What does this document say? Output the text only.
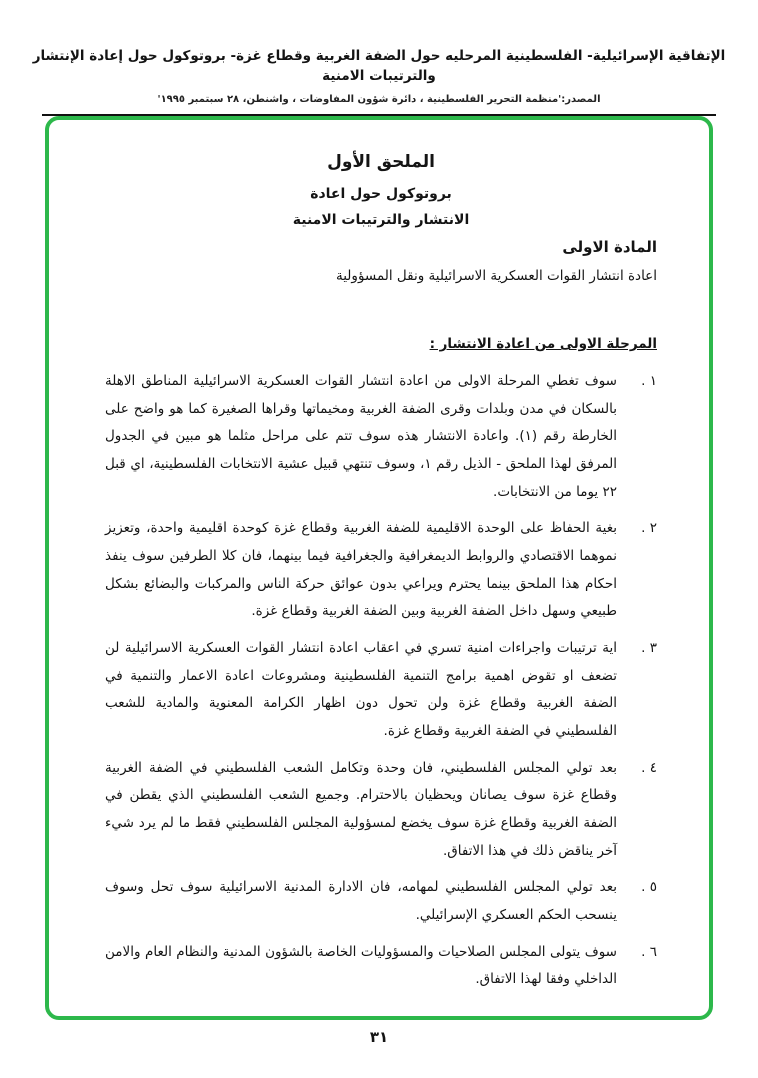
الإتفاقية الإسرائيلية- الفلسطينية المرحليه حول الضفة الغربية وقطاع غزة- بروتوكول حول إعادة الإنتشار والترتيبات الامنية
المصدر:'منظمة التحرير الفلسطينية ، دائرة شؤون المفاوضات ، واشنطن، ٢٨ سبتمبر ١٩٩٥'
الملحق الأول
بروتوكول حول اعادة
الانتشار والترتيبات الامنية
المادة الاولى
اعادة انتشار القوات العسكرية الاسرائيلية ونقل المسؤولية
المرحلة الاولى من اعادة الانتشار :
١ .
سوف تغطي المرحلة الاولى من اعادة انتشار القوات العسكرية الاسرائيلية المناطق الاهلة بالسكان في مدن وبلدات وقرى الضفة الغربية ومخيماتها وقراها الصغيرة كما هو واضح على الخارطة رقم (١). واعادة الانتشار هذه سوف تتم على مراحل مثلما هو مبين في الجدول المرفق لهذا الملحق - الذيل رقم ١، وسوف تنتهي قبيل عشية الانتخابات الفلسطينية، اي قبل ٢٢ يوما من الانتخابات.
٢ .
بغية الحفاظ على الوحدة الاقليمية للضفة الغربية وقطاع غزة كوحدة اقليمية واحدة، وتعزيز نموهما الاقتصادي والروابط الديمغرافية والجغرافية فيما بينهما، فان كلا الطرفين سوف ينفذ احكام هذا الملحق بينما يحترم ويراعي بدون عوائق حركة الناس والمركبات والبضائع بشكل طبيعي وسهل داخل الضفة الغربية وبين الضفة الغربية وقطاع غزة.
٣ .
اية ترتيبات واجراءات امنية تسري في اعقاب اعادة انتشار القوات العسكرية الاسرائيلية لن تضعف او تقوض اهمية برامج التنمية الفلسطينية ومشروعات اعادة الاعمار والتنمية في الضفة الغربية وقطاع غزة ولن تحول دون اظهار الكرامة المعنوية والمادية للشعب الفلسطيني في الضفة الغربية وقطاع غزة.
٤ .
بعد تولي المجلس الفلسطيني، فان وحدة وتكامل الشعب الفلسطيني في الضفة الغربية وقطاع غزة سوف يصانان ويحظيان بالاحترام. وجميع الشعب الفلسطيني الذي يقطن في الضفة الغربية وقطاع غزة سوف يخضع لمسؤولية المجلس الفلسطيني فقط ما لم يرد شيء آخر يناقض ذلك في هذا الاتفاق.
٥ .
بعد تولي المجلس الفلسطيني لمهامه، فان الادارة المدنية الاسرائيلية سوف تحل وسوف ينسحب الحكم العسكري الإسرائيلي.
٦ .
سوف يتولى المجلس الصلاحيات والمسؤوليات الخاصة بالشؤون المدنية والنظام العام والامن الداخلي وفقا لهذا الاتفاق.
٣١
